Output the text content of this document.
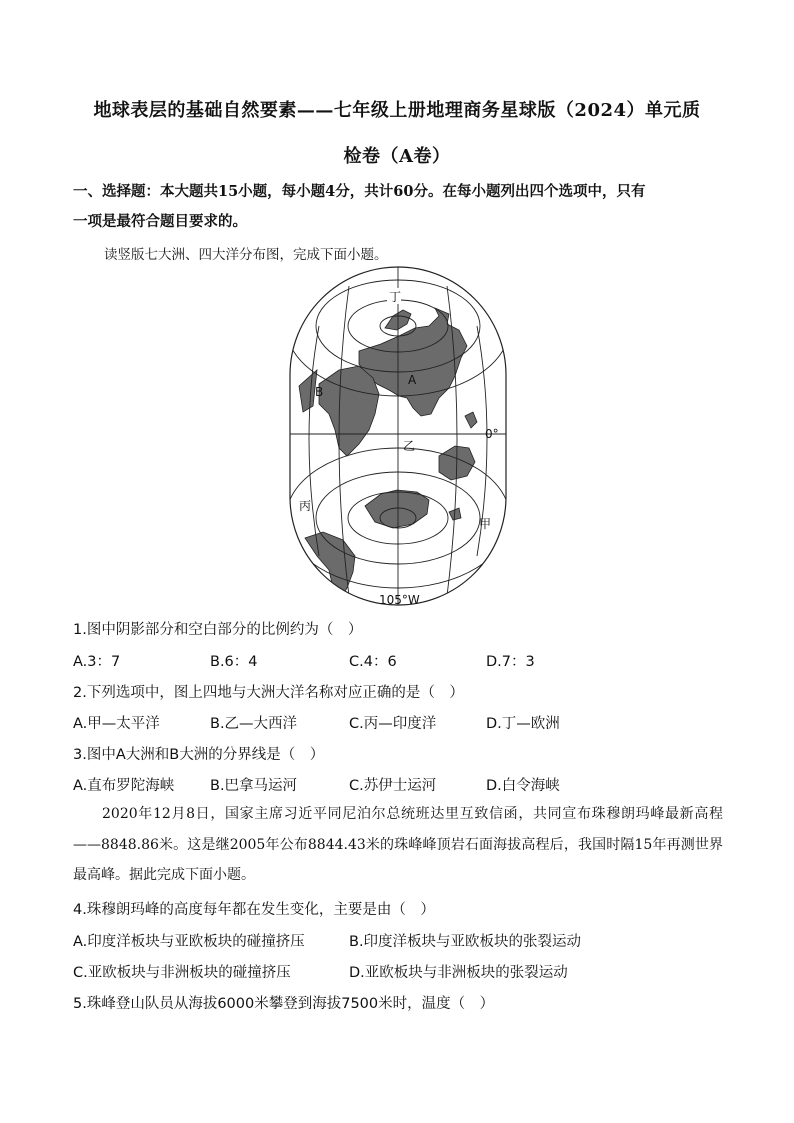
地球表层的基础自然要素——七年级上册地理商务星球版（2024）单元质
检卷（A卷）
一、选择题：本大题共15小题，每小题4分，共计60分。在每小题列出四个选项中，只有
一项是最符合题目要求的。
读竖版七大洲、四大洋分布图，完成下面小题。
丁
A
B
乙
0°
丙
甲
105°W
1.图中阴影部分和空白部分的比例约为（　）
A.3：7	B.6：4	C.4：6	D.7：3
2.下列选项中，图上四地与大洲大洋名称对应正确的是（　）
A.甲—太平洋	B.乙—大西洋	C.丙—印度洋	D.丁—欧洲
3.图中A大洲和B大洲的分界线是（　）
A.直布罗陀海峡 B.巴拿马运河	C.苏伊士运河	D.白令海峡
2020年12月8日，国家主席习近平同尼泊尔总统班达里互致信函，共同宣布珠穆朗玛峰最新高程——8848.86米。这是继2005年公布8844.43米的珠峰峰顶岩石面海拔高程后，我国时隔15年再测世界最高峰。据此完成下面小题。
4.珠穆朗玛峰的高度每年都在发生变化，主要是由（　）
A.印度洋板块与亚欧板块的碰撞挤压	B.印度洋板块与亚欧板块的张裂运动
C.亚欧板块与非洲板块的碰撞挤压	D.亚欧板块与非洲板块的张裂运动
5.珠峰登山队员从海拔6000米攀登到海拔7500米时，温度（　）
